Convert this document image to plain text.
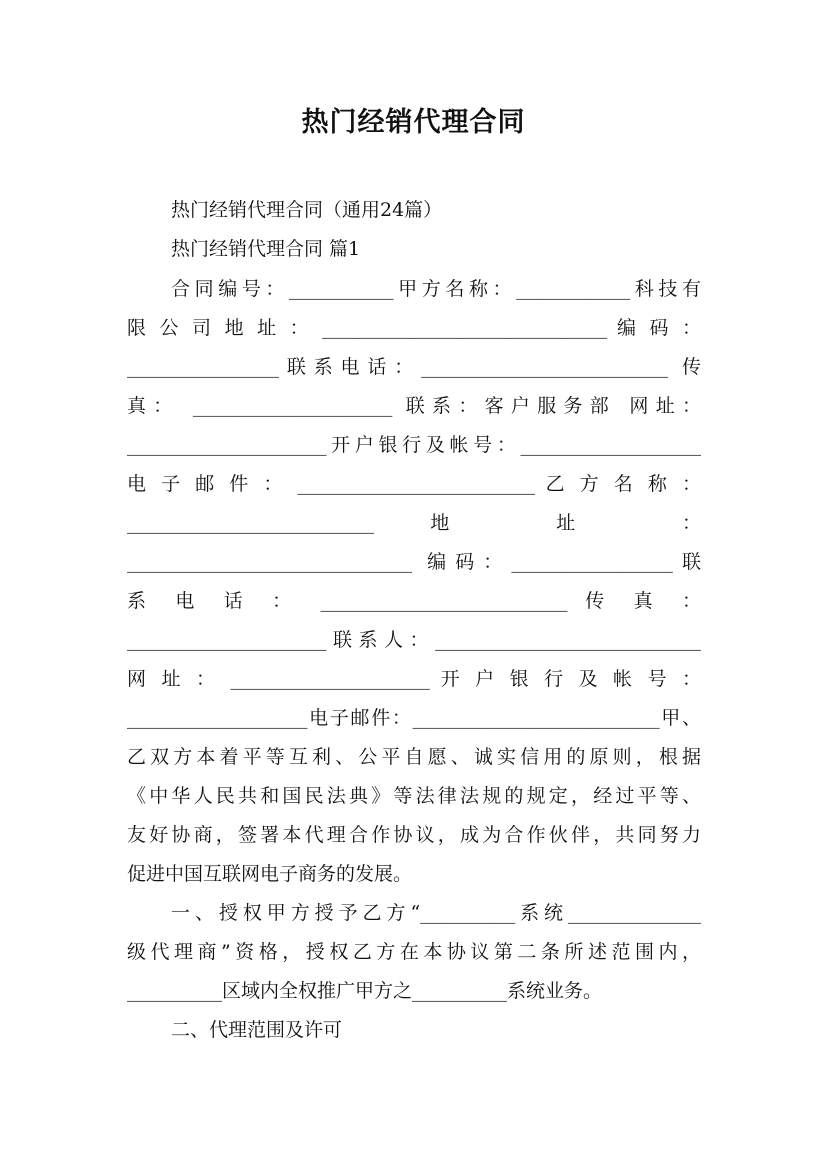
热门经销代理合同
热门经销代理合同（通用24篇）
热门经销代理合同 篇1
合同编号：___________甲方名称：____________科技有
限 公 司 地 址 ： ______________________________ 编 码 ：
________________联系电话：__________________________ 传
真： _____________________ 联系：客户服务部 网址：
_____________________开户银行及帐号：___________________
电 子 邮 件 ： _________________________ 乙 方 名 称 ：
__________________________ 地 址 ：
______________________________ 编码：_________________联
系 电 话 ： __________________________ 传 真 ：
_____________________联系人：____________________________
网 址 ： _____________________ 开 户 银 行 及 帐 号 ：
___________________电子邮件：__________________________甲、
乙双方本着平等互利、公平自愿、诚实信用的原则，根据
《中华人民共和国民法典》等法律法规的规定，经过平等、
友好协商，签署本代理合作协议，成为合作伙伴，共同努力
促进中国互联网电子商务的发展。
一、授权甲方授予乙方“__________系统______________
级代理商”资格，授权乙方在本协议第二条所述范围内，
__________区域内全权推广甲方之__________系统业务。
二、代理范围及许可
